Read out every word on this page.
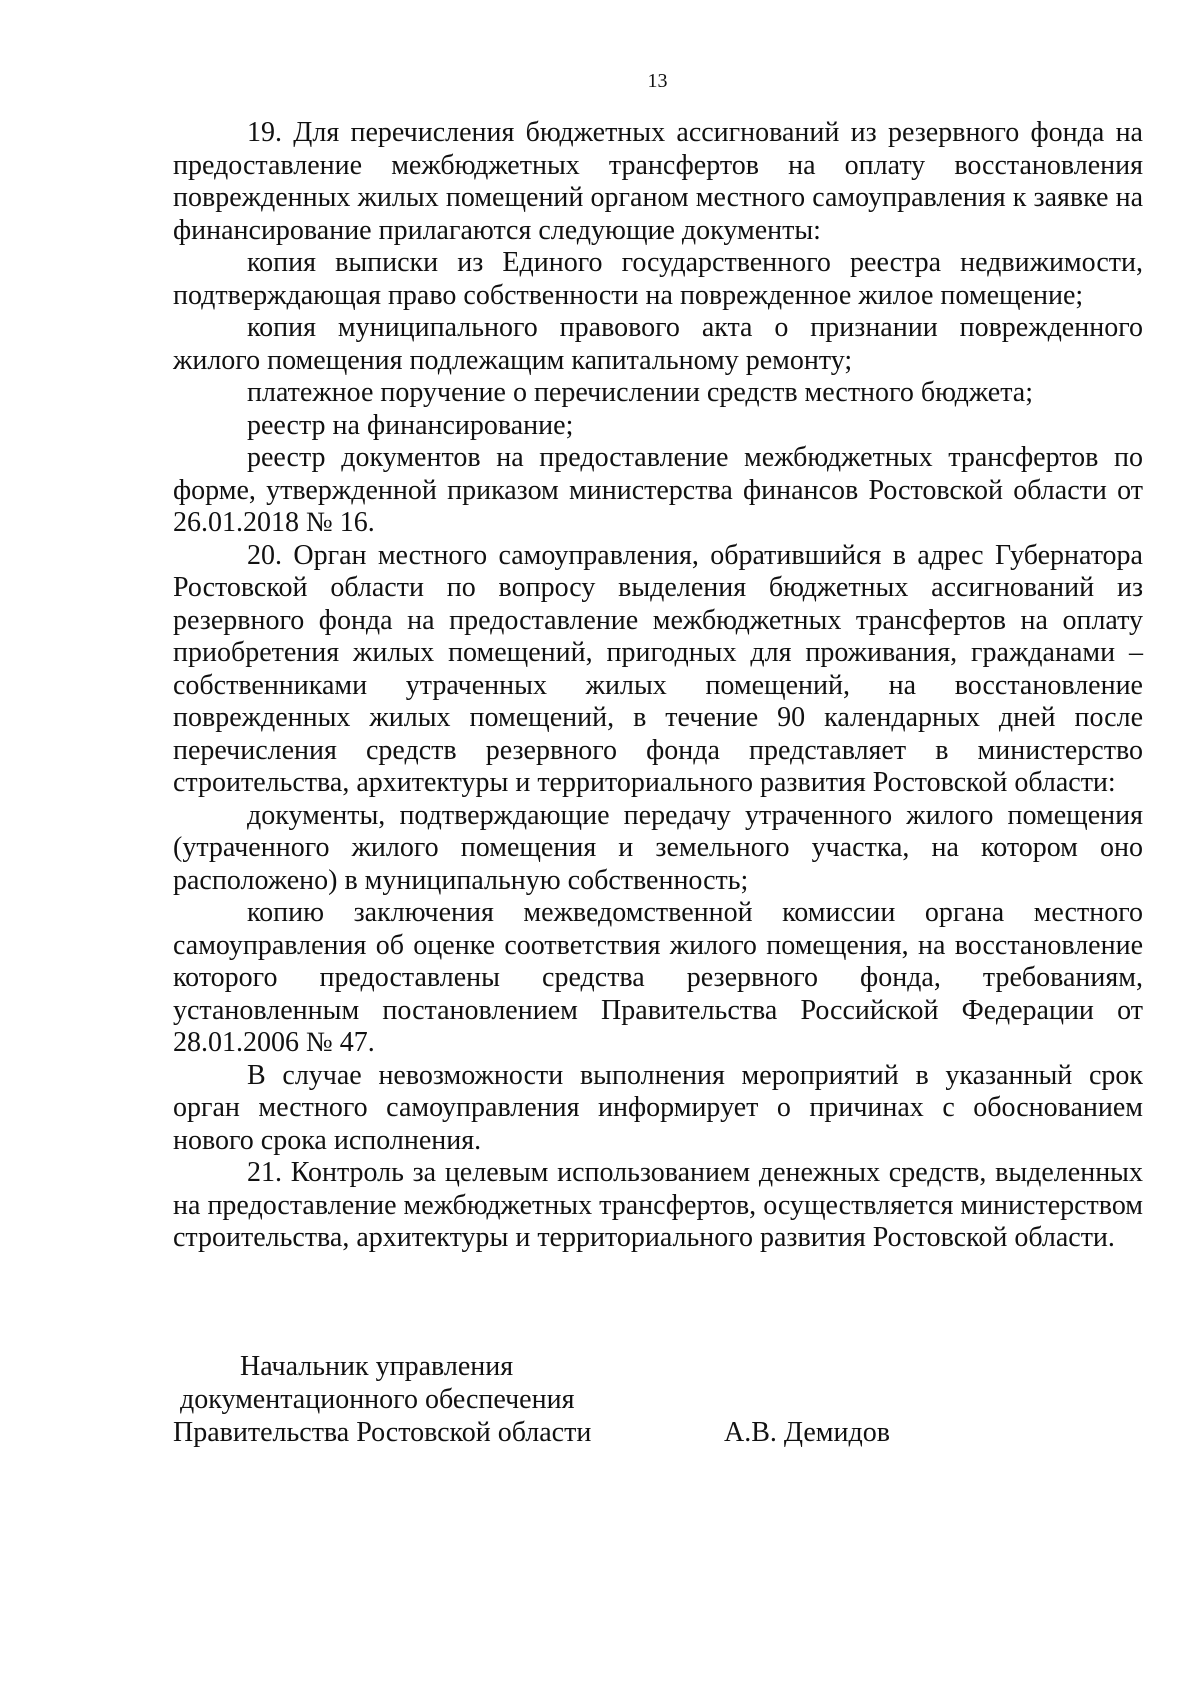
13

19. Для перечисления бюджетных ассигнований из резервного фонда на предоставление межбюджетных трансфертов на оплату восстановления поврежденных жилых помещений органом местного самоуправления к заявке на финансирование прилагаются следующие документы:

копия выписки из Единого государственного реестра недвижимости, подтверждающая право собственности на поврежденное жилое помещение;

копия муниципального правового акта о признании поврежденного жилого помещения подлежащим капитальному ремонту;

платежное поручение о перечислении средств местного бюджета;

реестр на финансирование;

реестр документов на предоставление межбюджетных трансфертов по форме, утвержденной приказом министерства финансов Ростовской области от 26.01.2018 № 16.

20. Орган местного самоуправления, обратившийся в адрес Губернатора Ростовской области по вопросу выделения бюджетных ассигнований из резервного фонда на предоставление межбюджетных трансфертов на оплату приобретения жилых помещений, пригодных для проживания, гражданами – собственниками утраченных жилых помещений, на восстановление поврежденных жилых помещений, в течение 90 календарных дней после перечисления средств резервного фонда представляет в министерство строительства, архитектуры и территориального развития Ростовской области:

документы, подтверждающие передачу утраченного жилого помещения (утраченного жилого помещения и земельного участка, на котором оно расположено) в муниципальную собственность;

копию заключения межведомственной комиссии органа местного самоуправления об оценке соответствия жилого помещения, на восстановление которого предоставлены средства резервного фонда, требованиям, установленным постановлением Правительства Российской Федерации от 28.01.2006 № 47.

В случае невозможности выполнения мероприятий в указанный срок орган местного самоуправления информирует о причинах с обоснованием нового срока исполнения.

21. Контроль за целевым использованием денежных средств, выделенных на предоставление межбюджетных трансфертов, осуществляется министерством строительства, архитектуры и территориального развития Ростовской области.

Начальник управления
документационного обеспечения
Правительства Ростовской области	А.В. Демидов
